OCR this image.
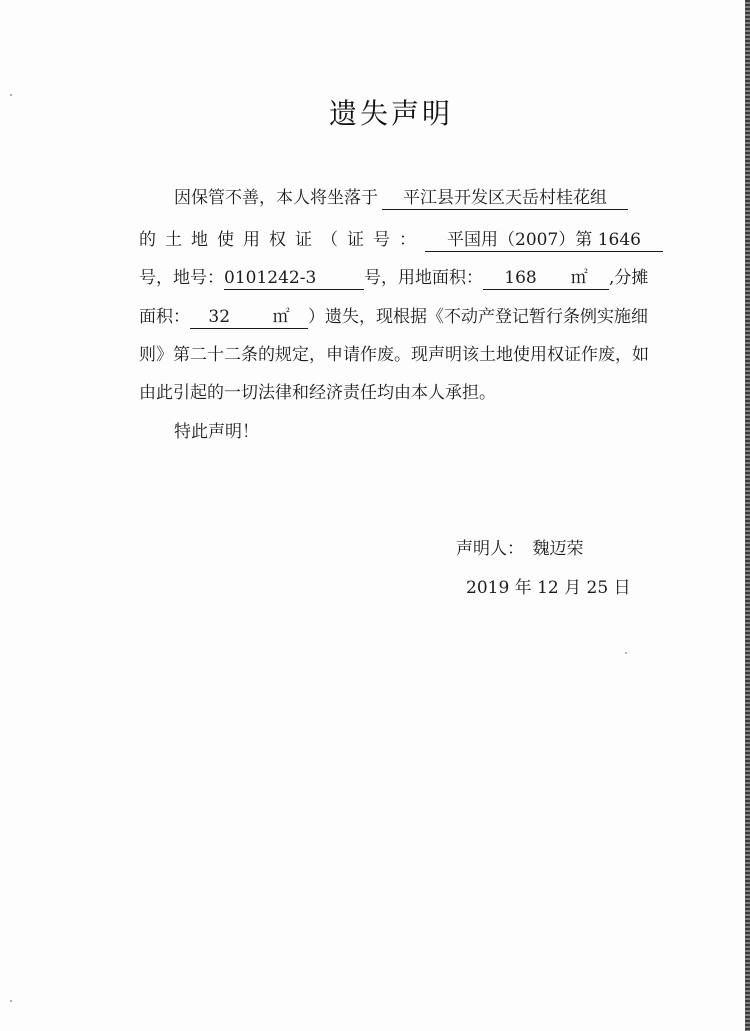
遗失声明
因保管不善，本人将坐落于 平江县开发区天岳村桂花组
的土地使用权证（证号： 平国用（2007）第 1646
号，地号：0101242-3	号，用地面积： 168   ㎡ ,分摊
面积： 32   	㎡ ）遗失，现根据《不动产登记暂行条例实施细
则》第二十二条的规定，申请作废。现声明该土地使用权证作废，如
由此引起的一切法律和经济责任均由本人承担。
特此声明！
声明人：  魏迈荣
2019 年 12 月 25 日
